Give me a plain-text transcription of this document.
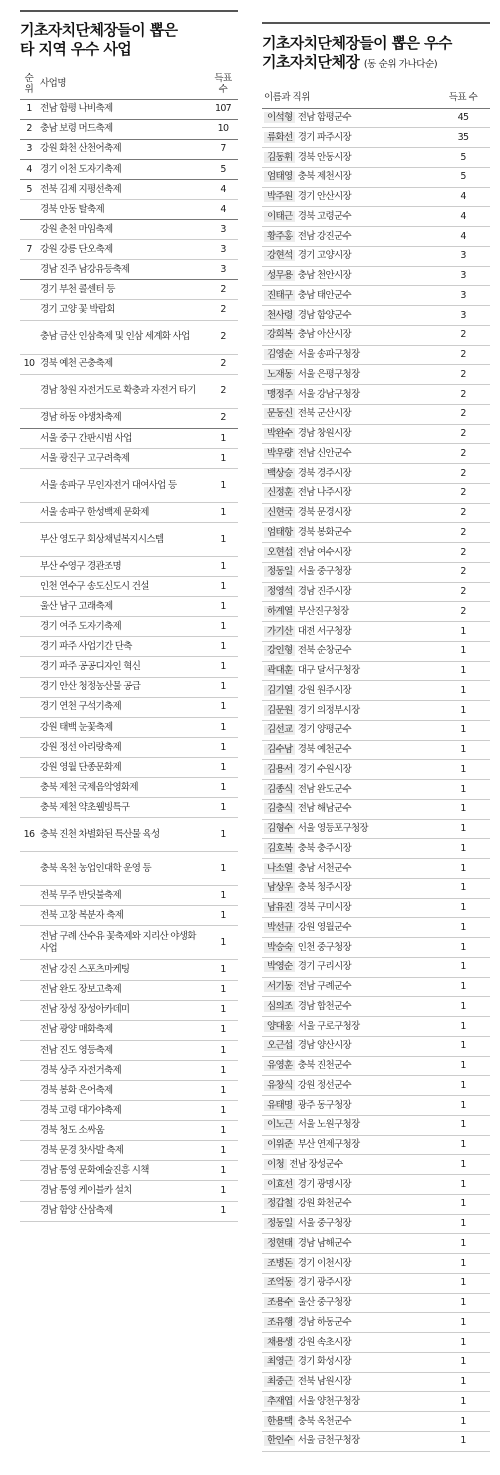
기초자치단체장들이 뽑은
타 지역 우수 사업
순위	사업명	득표수
1	전남 함평 나비축제	107
2	충남 보령 머드축제	10
3	강원 화천 산천어축제	7
4	경기 이천 도자기축제	5
5	전북 김제 지평선축제	4
	경북 안동 탈축제	4
	강원 춘천 마임축제	3
7	강원 강릉 단오축제	3
	경남 진주 남강유등축제	3
	경기 부천 콜센터 등	2
	경기 고양 꽃 박람회	2
	충남 금산 인삼축제 및 인삼 세계화 사업	2
10	경북 예천 곤충축제	2
	경남 창원 자전거도로 확충과 자전거 타기	2
	경남 하동 야생차축제	2
	서울 중구 간판시범 사업	1
	서울 광진구 고구려축제	1
	서울 송파구 무인자전거 대여사업 등	1
	서울 송파구 한성백제 문화제	1
	부산 영도구 회상채널복지시스템	1
	부산 수영구 경관조명	1
	인천 연수구 송도신도시 건설	1
	울산 남구 고래축제	1
	경기 여주 도자기축제	1
	경기 파주 사업기간 단축	1
	경기 파주 공공디자인 혁신	1
	경기 안산 청정농산물 공급	1
	경기 연천 구석기축제	1
	강원 태백 눈꽃축제	1
	강원 정선 아리랑축제	1
	강원 영월 단종문화제	1
	충북 제천 국제음악영화제	1
	충북 제천 약초웰빙특구	1
16	충북 진천 차별화된 특산물 육성	1
	충북 옥천 농업인대학 운영 등	1
	전북 무주 반딧불축제	1
	전북 고창 복분자 축제	1
	전남 구례 산수유 꽃축제와 지리산 야생화 사업	1
	전남 강진 스포츠마케팅	1
	전남 완도 장보고축제	1
	전남 장성 장성아카데미	1
	전남 광양 매화축제	1
	전남 진도 영등축제	1
	경북 상주 자전거축제	1
	경북 봉화 은어축제	1
	경북 고령 대가야축제	1
	경북 청도 소싸움	1
	경북 문경 찻사발 축제	1
	경남 통영 문화예술진흥 시책	1
	경남 통영 케이블카 설치	1
	경남 함양 산삼축제	1
기초자치단체장들이 뽑은 우수
기초자치단체장 (동 순위 가나다순)
이름과 직위	득표 수
이석형 전남 함평군수	45
류화선 경기 파주시장	35
김동휘 경북 안동시장	5
엄태영 충북 제천시장	5
박주원 경기 안산시장	4
이태근 경북 고령군수	4
황주홍 전남 강진군수	4
강현석 경기 고양시장	3
성무용 충남 천안시장	3
진태구 충남 태안군수	3
천사령 경남 함양군수	3
강희복 충남 아산시장	2
김영순 서울 송파구청장	2
노재동 서울 은평구청장	2
맹정주 서울 강남구청장	2
문동신 전북 군산시장	2
박완수 경남 창원시장	2
박우량 전남 신안군수	2
백상승 경북 경주시장	2
신정훈 전남 나주시장	2
신현국 경북 문경시장	2
엄태항 경북 봉화군수	2
오현섭 전남 여수시장	2
정동일 서울 중구청장	2
정영석 경남 진주시장	2
하계열 부산진구청장	2
가기산 대전 서구청장	1
강인형 전북 순창군수	1
곽대훈 대구 달서구청장	1
김기열 강원 원주시장	1
김문원 경기 의정부시장	1
김선교 경기 양평군수	1
김수남 경북 예천군수	1
김용서 경기 수원시장	1
김종식 전남 완도군수	1
김충식 전남 해남군수	1
김형수 서울 영등포구청장	1
김호복 충북 충주시장	1
나소열 충남 서천군수	1
남상우 충북 청주시장	1
남유진 경북 구미시장	1
박선규 강원 영월군수	1
박승숙 인천 중구청장	1
박영순 경기 구리시장	1
서기동 전남 구례군수	1
심의조 경남 합천군수	1
양대웅 서울 구로구청장	1
오근섭 경남 양산시장	1
유영훈 충북 진천군수	1
유창식 강원 정선군수	1
유태명 광주 동구청장	1
이노근 서울 노원구청장	1
이위준 부산 연제구청장	1
이청 전남 장성군수	1
이효선 경기 광명시장	1
정갑철 강원 화천군수	1
정동일 서울 중구청장	1
정현태 경남 남해군수	1
조병돈 경기 이천시장	1
조억동 경기 광주시장	1
조용수 울산 중구청장	1
조유행 경남 하동군수	1
채용생 강원 속초시장	1
최영근 경기 화성시장	1
최중근 전북 남원시장	1
추재엽 서울 양천구청장	1
한용택 충북 옥천군수	1
한인수 서울 금천구청장	1
